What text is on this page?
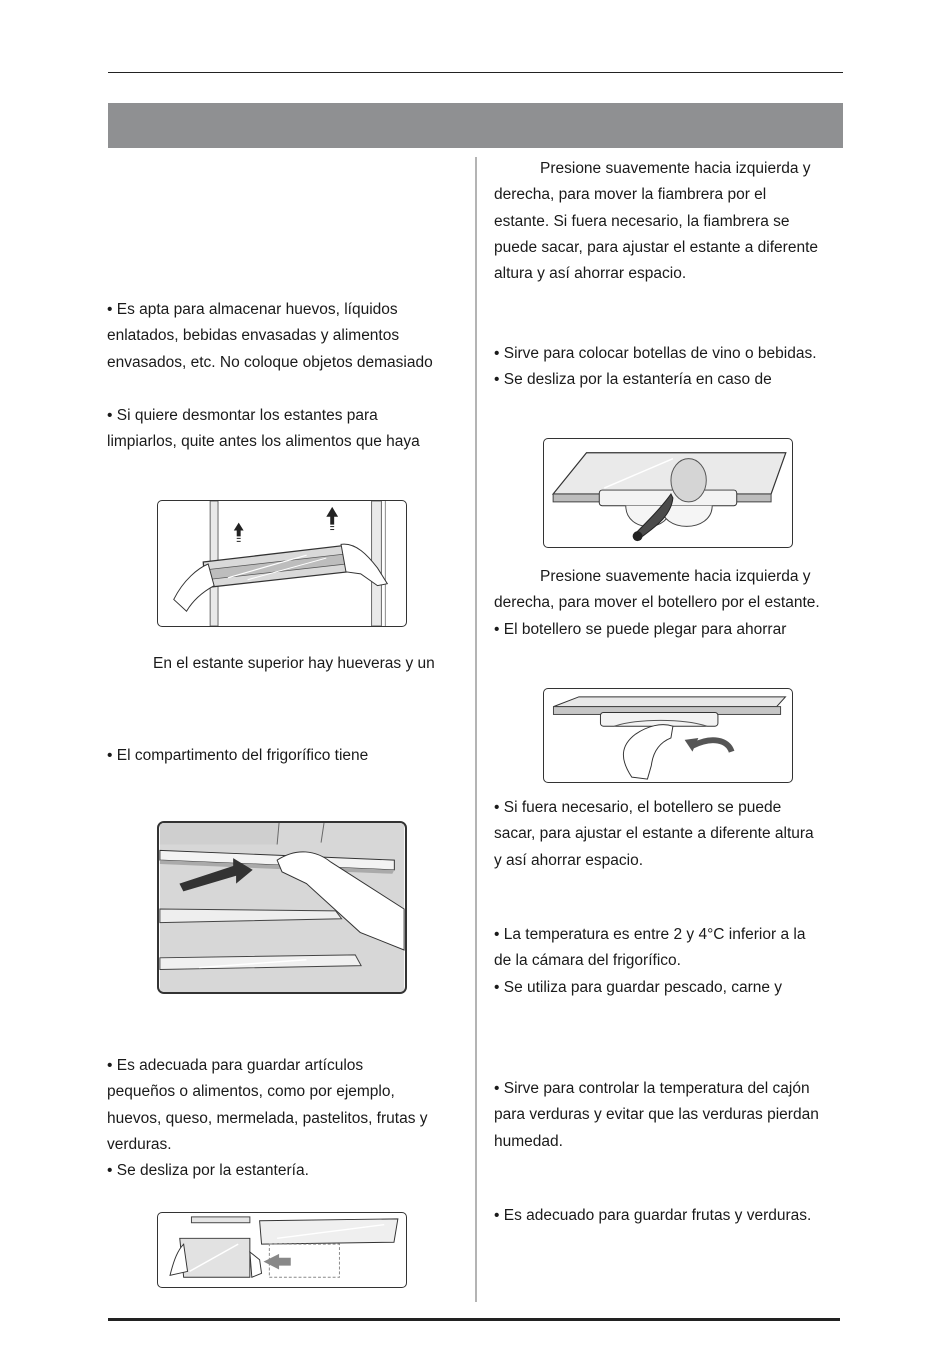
• Es apta para almacenar huevos, líquidos
enlatados, bebidas envasadas y alimentos
envasados, etc. No coloque objetos demasiado

• Si quiere desmontar los estantes para
limpiarlos, quite antes los alimentos que haya

En el estante superior hay hueveras y un

• El compartimento del frigorífico tiene

• Es adecuada para guardar artículos
pequeños o alimentos, como por ejemplo,
huevos, queso, mermelada, pastelitos, frutas y
verduras.
• Se desliza por la estantería.

Presione suavemente hacia izquierda y
derecha, para mover la fiambrera por el
estante. Si fuera necesario, la fiambrera se
puede sacar, para ajustar el estante a diferente
altura y así ahorrar espacio.

• Sirve para colocar botellas de vino o bebidas.
• Se desliza por la estantería en caso de

Presione suavemente hacia izquierda y
derecha, para mover el botellero por el estante.
• El botellero se puede plegar para ahorrar

• Si fuera necesario, el botellero se puede
sacar, para ajustar el estante a diferente altura
y así ahorrar espacio.

• La temperatura es entre 2 y 4°C inferior a la
de la cámara del frigorífico.
• Se utiliza para guardar pescado, carne y

• Sirve para controlar la temperatura del cajón
para verduras y evitar que las verduras pierdan
humedad.

• Es adecuado para guardar frutas y verduras.
